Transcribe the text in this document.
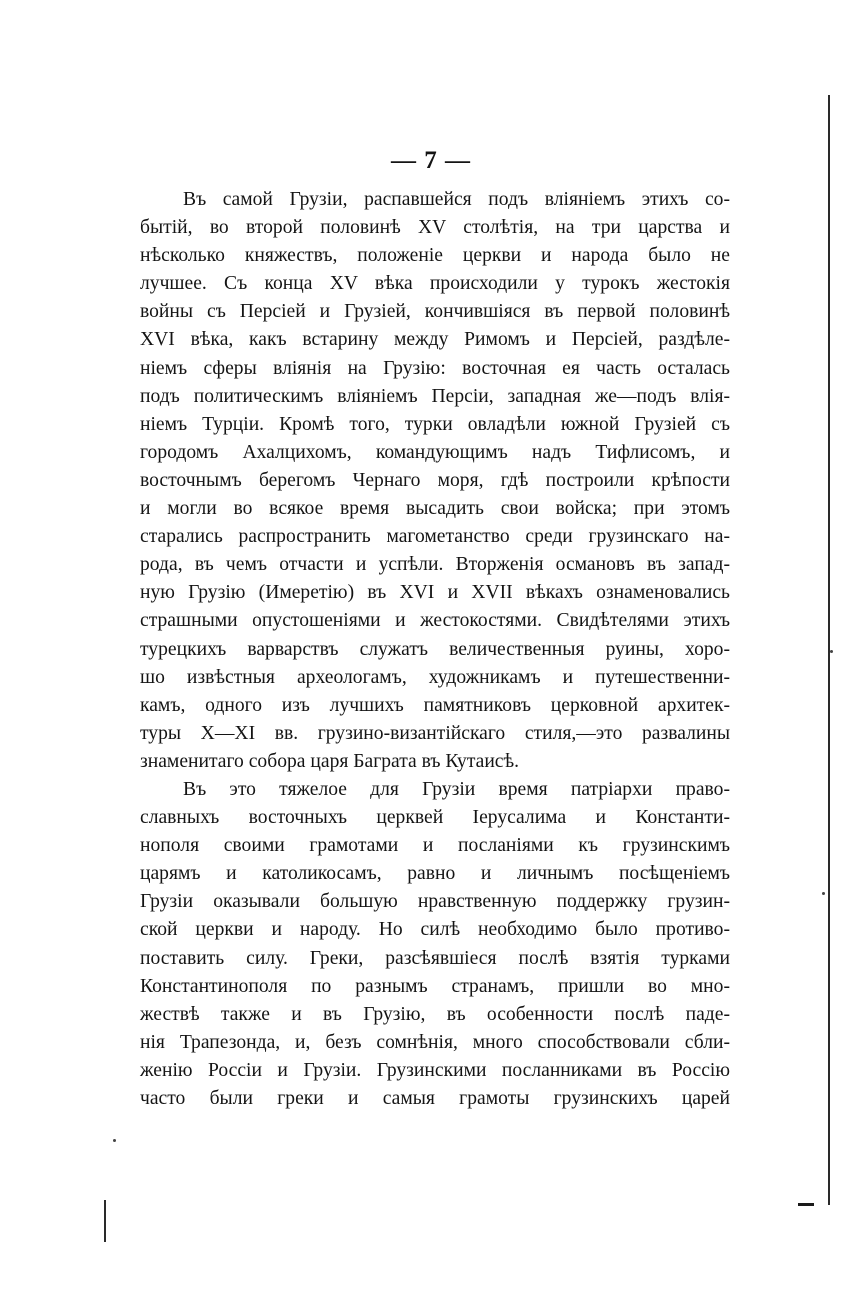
— 7 —
Въ сaмой Грузіи, распавшейся подъ вліяніемъ этихъ со-
бытій, во второй половинѣ XV столѣтія, на три царства и
нѣсколько княжествъ, положеніе церкви и народа было не
лучшее. Съ конца XV вѣка происходили у турокъ жестокія
войны съ Персіей и Грузіей, кончившіяся въ первой половинѣ
XVI вѣка, какъ встарину между Римомъ и Персіей, раздѣле-
ніемъ сферы вліянія на Грузію: восточная ея часть осталась
подъ политическимъ вліяніемъ Персіи, западная же—подъ влія-
ніемъ Турціи. Кромѣ того, турки овладѣли южной Грузіей съ
городомъ Ахалцихомъ, командующимъ надъ Тифлисомъ, и
восточнымъ берегомъ Чернаго моря, гдѣ построили крѣпости
и могли во всякое время высадить свои войска; при этомъ
старались распространить магометанство среди грузинскаго на-
рода, въ чемъ отчасти и успѣли. Вторженія османовъ въ запад-
ную Грузію (Имеретію) въ XVI и XVII вѣкахъ ознаменовались
страшными опустошеніями и жестокостями. Свидѣтелями этихъ
турецкихъ варварствъ служатъ величественныя руины, хоро-
шо извѣстныя археологамъ, художникамъ и путешественни-
камъ, одного изъ лучшихъ памятниковъ церковной архитек-
туры X—XI вв. грузино-византійскаго стиля,—это развалины
знаменитаго собора царя Баграта въ Кутаисѣ.
Въ это тяжелое для Грузіи время патріархи право-
славныхъ восточныхъ церквей Іерусалима и Константи-
нополя своими грамотами и посланіями къ грузинскимъ
царямъ и католикосамъ, равно и личнымъ посѣщеніемъ
Грузіи оказывали большую нравственную поддержку грузин-
ской церкви и народу. Но силѣ необходимо было противо-
поставить силу. Греки, разсѣявшіеся послѣ взятія турками
Константинополя по разнымъ странамъ, пришли во мно-
жествѣ также и въ Грузію, въ особенности послѣ паде-
нія Трапезонда, и, безъ сомнѣнія, много способствовали сбли-
женію Россіи и Грузіи. Грузинскими посланниками въ Россію
часто были греки и самыя грамоты грузинскихъ царей
